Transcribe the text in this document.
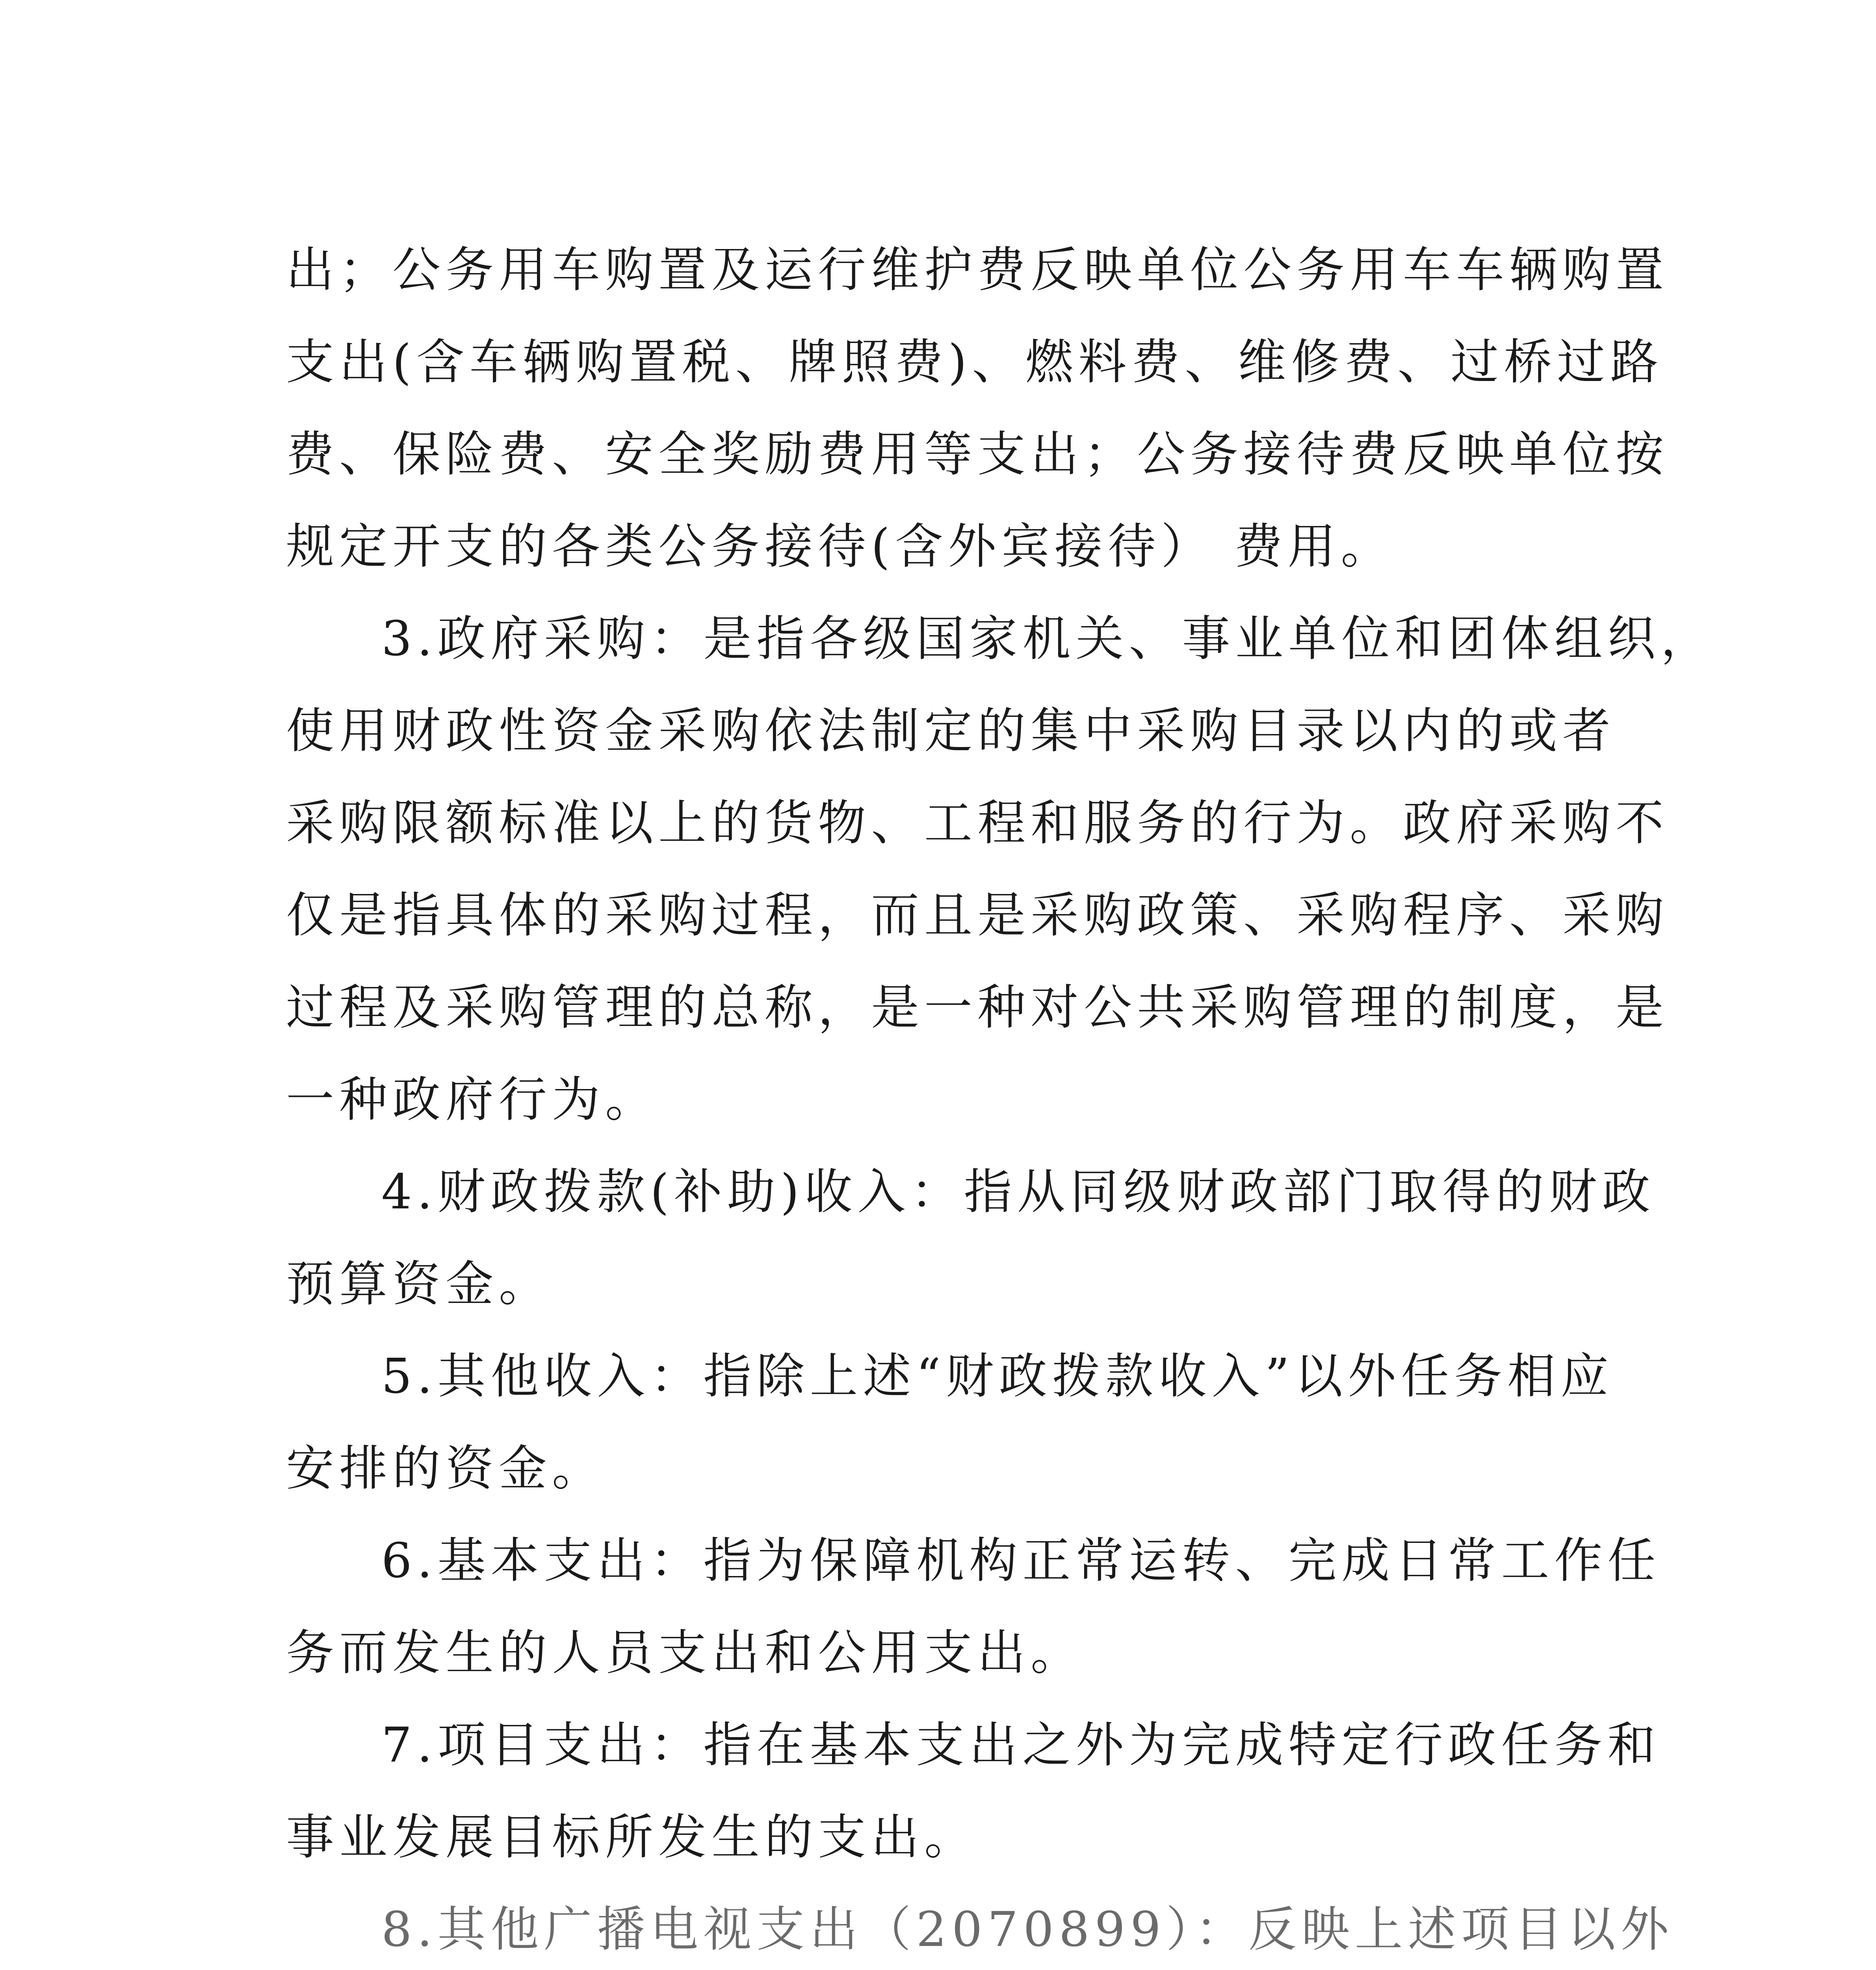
出；公务用车购置及运行维护费反映单位公务用车车辆购置

支出(含车辆购置税、牌照费)、燃料费、维修费、过桥过路

费、保险费、安全奖励费用等支出；公务接待费反映单位按

规定开支的各类公务接待(含外宾接待） 费用。

3.政府采购：是指各级国家机关、事业单位和团体组织，

使用财政性资金采购依法制定的集中采购目录以内的或者

采购限额标准以上的货物、工程和服务的行为。政府采购不

仅是指具体的采购过程，而且是采购政策、采购程序、采购

过程及采购管理的总称，是一种对公共采购管理的制度，是

一种政府行为。

4.财政拨款(补助)收入：指从同级财政部门取得的财政

预算资金。

5.其他收入：指除上述“财政拨款收入”以外任务相应

安排的资金。

6.基本支出：指为保障机构正常运转、完成日常工作任

务而发生的人员支出和公用支出。

7.项目支出：指在基本支出之外为完成特定行政任务和

事业发展目标所发生的支出。

8.其他广播电视支出（2070899）：反映上述项目以外
